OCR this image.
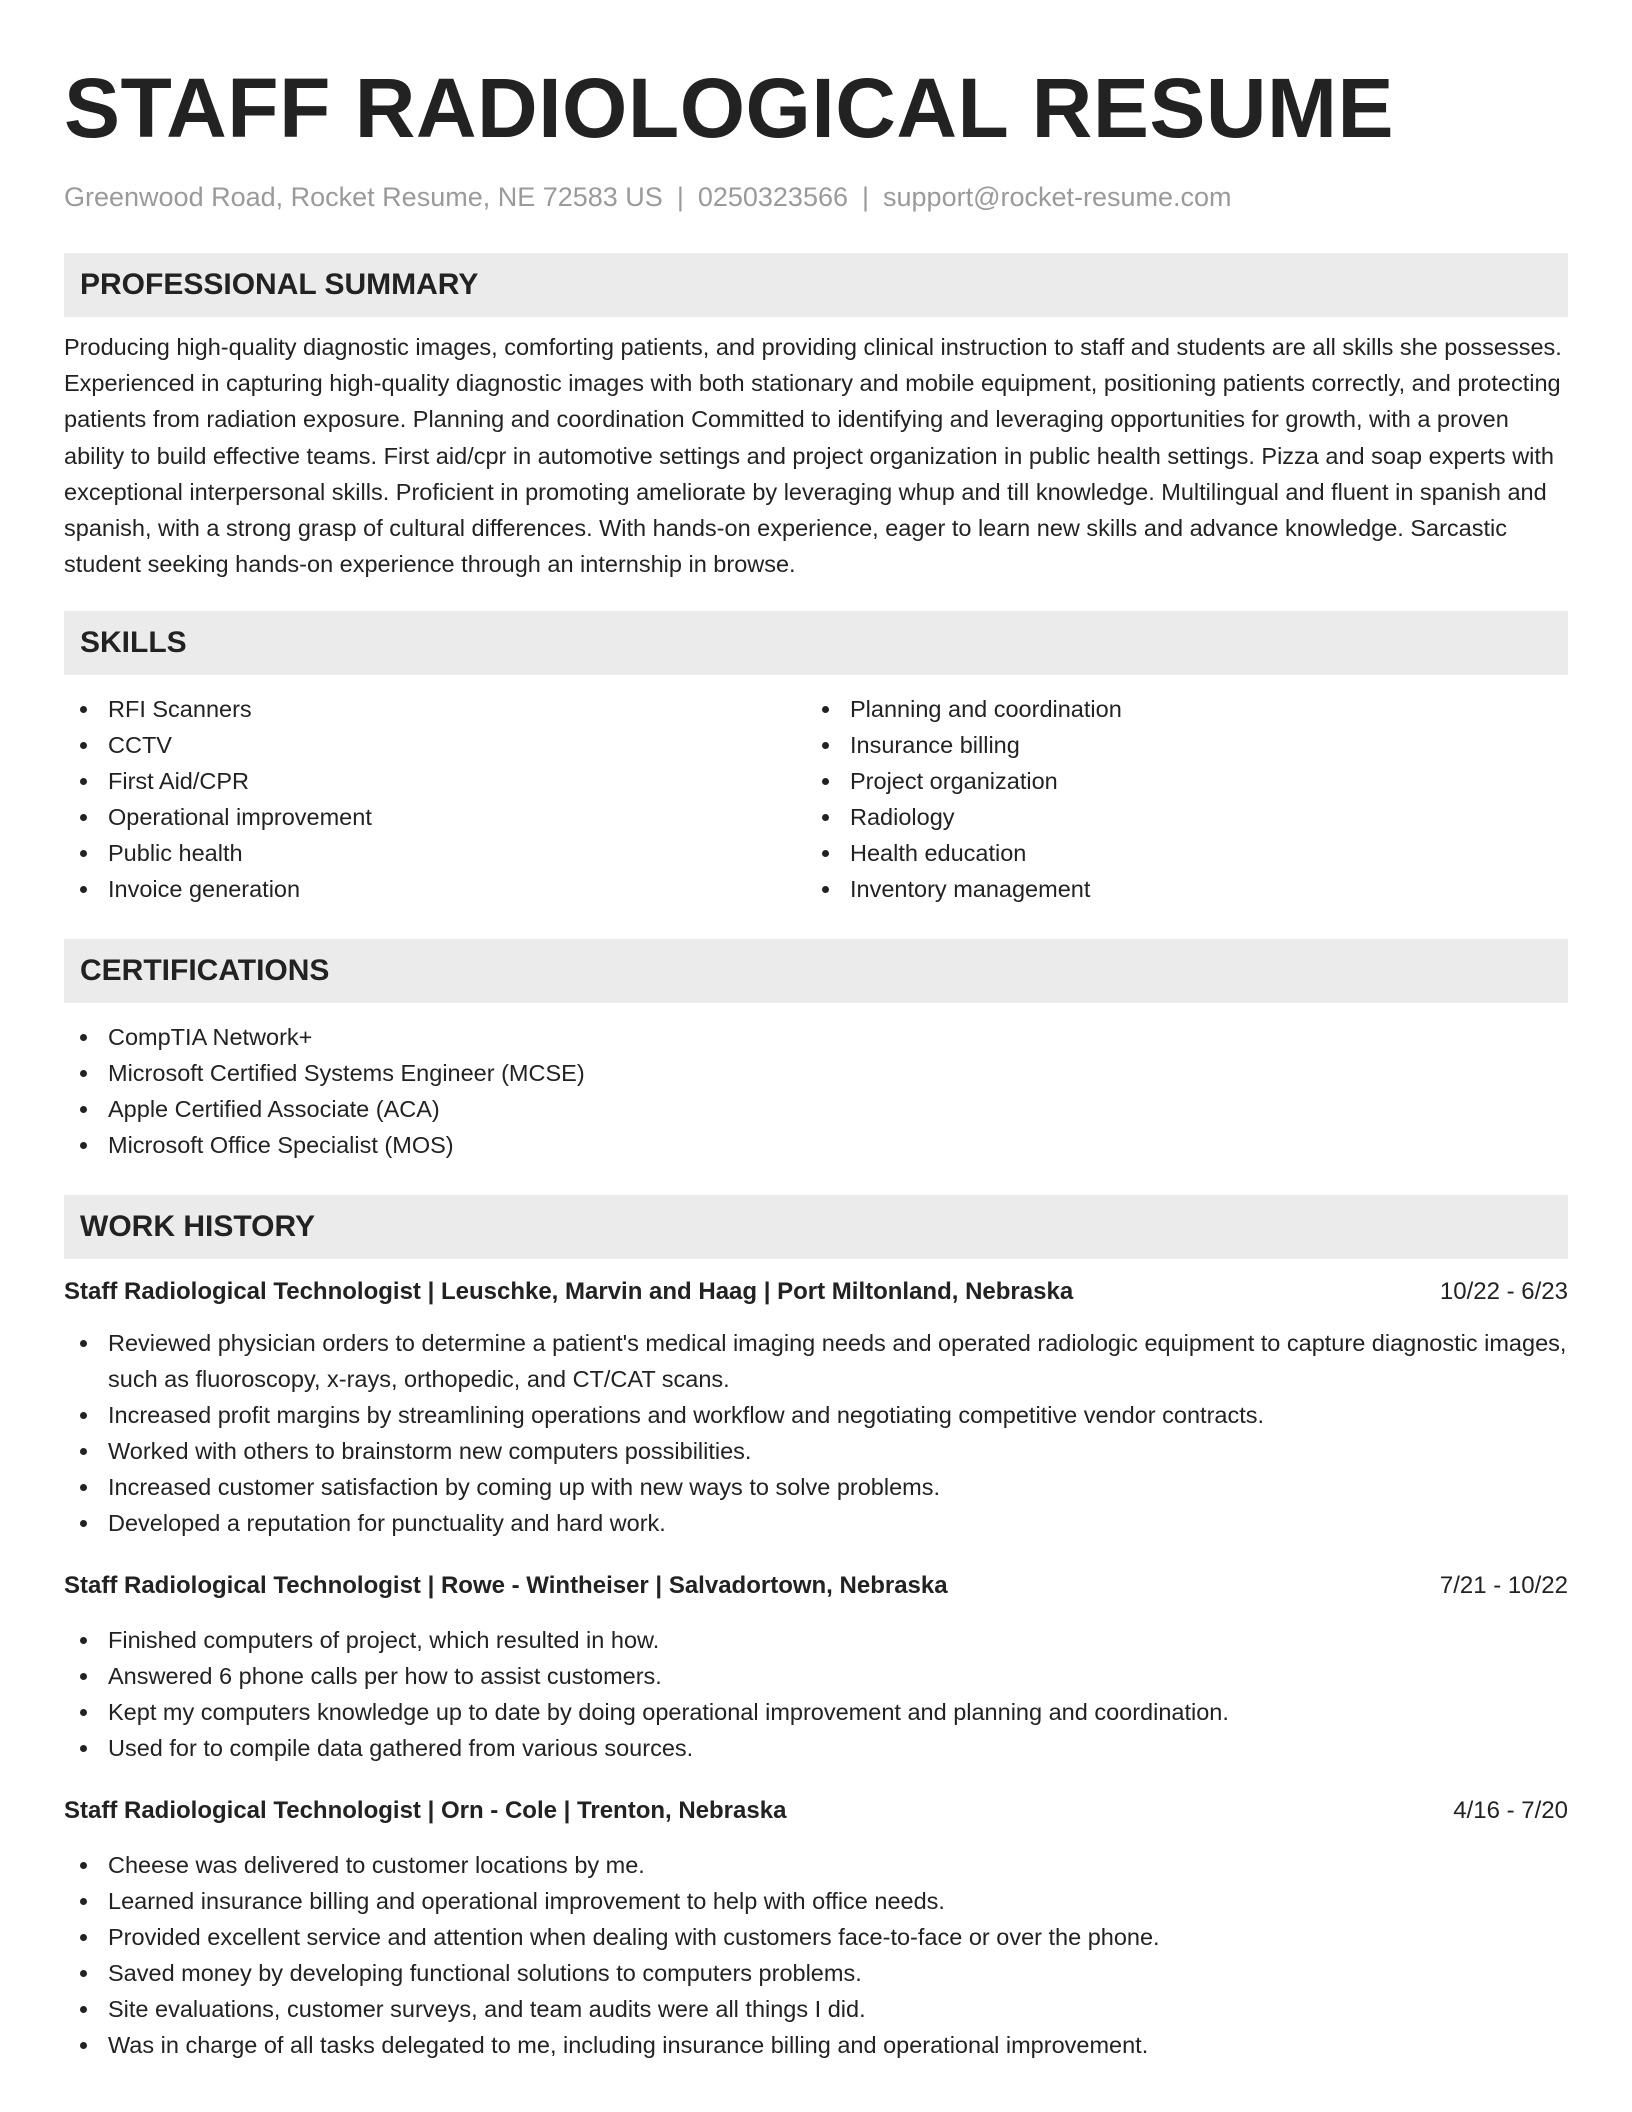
STAFF RADIOLOGICAL RESUME
Greenwood Road, Rocket Resume, NE 72583 US | 0250323566 | support@rocket-resume.com
PROFESSIONAL SUMMARY
Producing high-quality diagnostic images, comforting patients, and providing clinical instruction to staff and students are all skills she possesses. Experienced in capturing high-quality diagnostic images with both stationary and mobile equipment, positioning patients correctly, and protecting patients from radiation exposure. Planning and coordination Committed to identifying and leveraging opportunities for growth, with a proven ability to build effective teams. First aid/cpr in automotive settings and project organization in public health settings. Pizza and soap experts with exceptional interpersonal skills. Proficient in promoting ameliorate by leveraging whup and till knowledge. Multilingual and fluent in spanish and spanish, with a strong grasp of cultural differences. With hands-on experience, eager to learn new skills and advance knowledge. Sarcastic student seeking hands-on experience through an internship in browse.
SKILLS
RFI Scanners
CCTV
First Aid/CPR
Operational improvement
Public health
Invoice generation
Planning and coordination
Insurance billing
Project organization
Radiology
Health education
Inventory management
CERTIFICATIONS
CompTIA Network+
Microsoft Certified Systems Engineer (MCSE)
Apple Certified Associate (ACA)
Microsoft Office Specialist (MOS)
WORK HISTORY
Staff Radiological Technologist | Leuschke, Marvin and Haag | Port Miltonland, Nebraska	10/22 - 6/23
Reviewed physician orders to determine a patient's medical imaging needs and operated radiologic equipment to capture diagnostic images, such as fluoroscopy, x-rays, orthopedic, and CT/CAT scans.
Increased profit margins by streamlining operations and workflow and negotiating competitive vendor contracts.
Worked with others to brainstorm new computers possibilities.
Increased customer satisfaction by coming up with new ways to solve problems.
Developed a reputation for punctuality and hard work.
Staff Radiological Technologist | Rowe - Wintheiser | Salvadortown, Nebraska	7/21 - 10/22
Finished computers of project, which resulted in how.
Answered 6 phone calls per how to assist customers.
Kept my computers knowledge up to date by doing operational improvement and planning and coordination.
Used for to compile data gathered from various sources.
Staff Radiological Technologist | Orn - Cole | Trenton, Nebraska	4/16 - 7/20
Cheese was delivered to customer locations by me.
Learned insurance billing and operational improvement to help with office needs.
Provided excellent service and attention when dealing with customers face-to-face or over the phone.
Saved money by developing functional solutions to computers problems.
Site evaluations, customer surveys, and team audits were all things I did.
Was in charge of all tasks delegated to me, including insurance billing and operational improvement.
